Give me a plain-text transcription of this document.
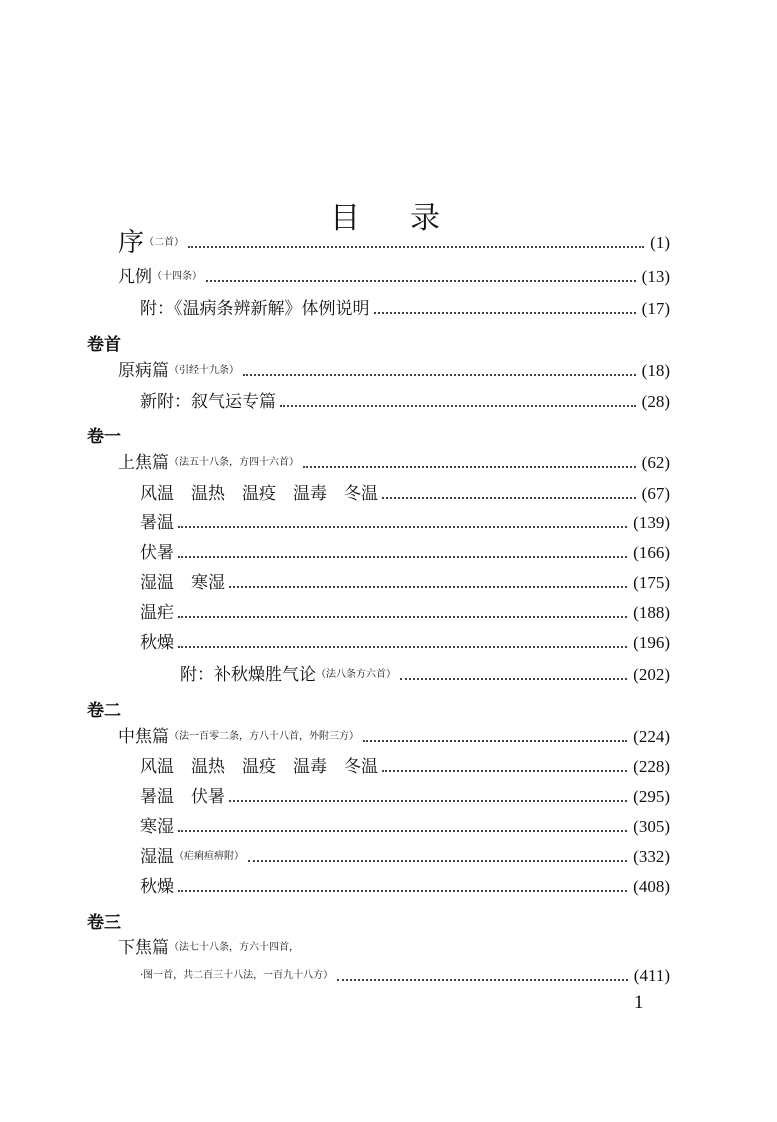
目 录
序 （二首）	(1)
凡例 （十四条）	(13)
附：《温病条辨新解》体例说明	(17)
卷首
原病篇 （引经十九条）	(18)
新附：叙气运专篇	(28)
卷一
上焦篇 （法五十八条，方四十六首）	(62)
风温　温热　温疫　温毒　冬温	(67)
暑温	(139)
伏暑	(166)
湿温　寒湿	(175)
温疟	(188)
秋燥	(196)
附：补秋燥胜气论 （法八条方六首）	(202)
卷二
中焦篇 （法一百零二条，方八十八首，外附三方）	(224)
风温　温热　温疫　温毒　冬温	(228)
暑温　伏暑	(295)
寒湿	(305)
湿温 （疟痢疸痹附）	(332)
秋燥	(408)
卷三
下焦篇 （法七十八条，方六十四首，
·图一首，共二百三十八法，一百九十八方）	(411)
1
